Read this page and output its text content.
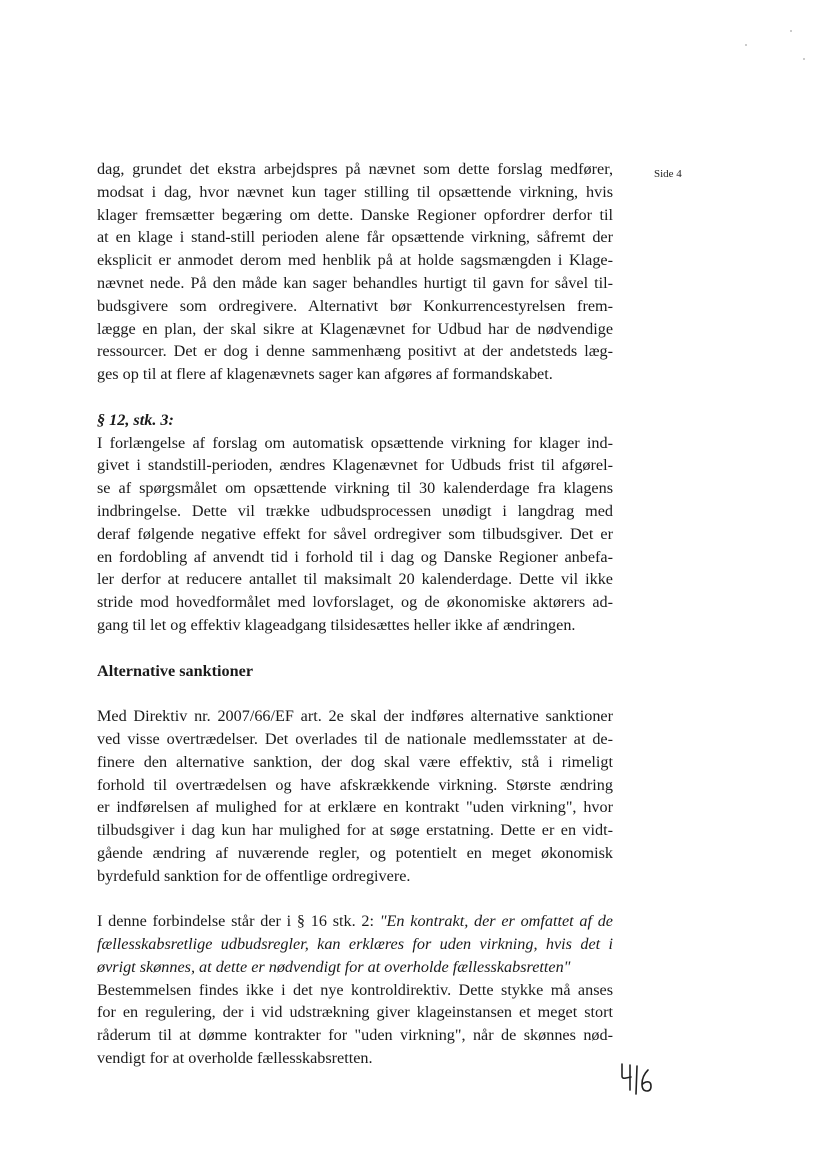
Side 4

dag, grundet det ekstra arbejdspres på nævnet som dette forslag medfører,
modsat i dag, hvor nævnet kun tager stilling til opsættende virkning, hvis
klager fremsætter begæring om dette. Danske Regioner opfordrer derfor til
at en klage i stand-still perioden alene får opsættende virkning, såfremt der
eksplicit er anmodet derom med henblik på at holde sagsmængden i Klage-
nævnet nede. På den måde kan sager behandles hurtigt til gavn for såvel til-
budsgivere som ordregivere. Alternativt bør Konkurrencestyrelsen frem-
lægge en plan, der skal sikre at Klagenævnet for Udbud har de nødvendige
ressourcer. Det er dog i denne sammenhæng positivt at der andetsteds læg-
ges op til at flere af klagenævnets sager kan afgøres af formandskabet.

§ 12, stk. 3:

I forlængelse af forslag om automatisk opsættende virkning for klager ind-
givet i standstill-perioden, ændres Klagenævnet for Udbuds frist til afgørel-
se af spørgsmålet om opsættende virkning til 30 kalenderdage fra klagens
indbringelse. Dette vil trække udbudsprocessen unødigt i langdrag med
deraf følgende negative effekt for såvel ordregiver som tilbudsgiver. Det er
en fordobling af anvendt tid i forhold til i dag og Danske Regioner anbefa-
ler derfor at reducere antallet til maksimalt 20 kalenderdage. Dette vil ikke
stride mod hovedformålet med lovforslaget, og de økonomiske aktørers ad-
gang til let og effektiv klageadgang tilsidesættes heller ikke af ændringen.

Alternative sanktioner

Med Direktiv nr. 2007/66/EF art. 2e skal der indføres alternative sanktioner
ved visse overtrædelser. Det overlades til de nationale medlemsstater at de-
finere den alternative sanktion, der dog skal være effektiv, stå i rimeligt
forhold til overtrædelsen og have afskrækkende virkning. Største ændring
er indførelsen af mulighed for at erklære en kontrakt "uden virkning", hvor
tilbudsgiver i dag kun har mulighed for at søge erstatning. Dette er en vidt-
gående ændring af nuværende regler, og potentielt en meget økonomisk
byrdefuld sanktion for de offentlige ordregivere.

I denne forbindelse står der i § 16 stk. 2: "En kontrakt, der er omfattet af de
fællesskabsretlige udbudsregler, kan erklæres for uden virkning, hvis det i
øvrigt skønnes, at dette er nødvendigt for at overholde fællesskabsretten"
Bestemmelsen findes ikke i det nye kontroldirektiv. Dette stykke må anses
for en regulering, der i vid udstrækning giver klageinstansen et meget stort
råderum til at dømme kontrakter for "uden virkning", når de skønnes nød-
vendigt for at overholde fællesskabsretten.
